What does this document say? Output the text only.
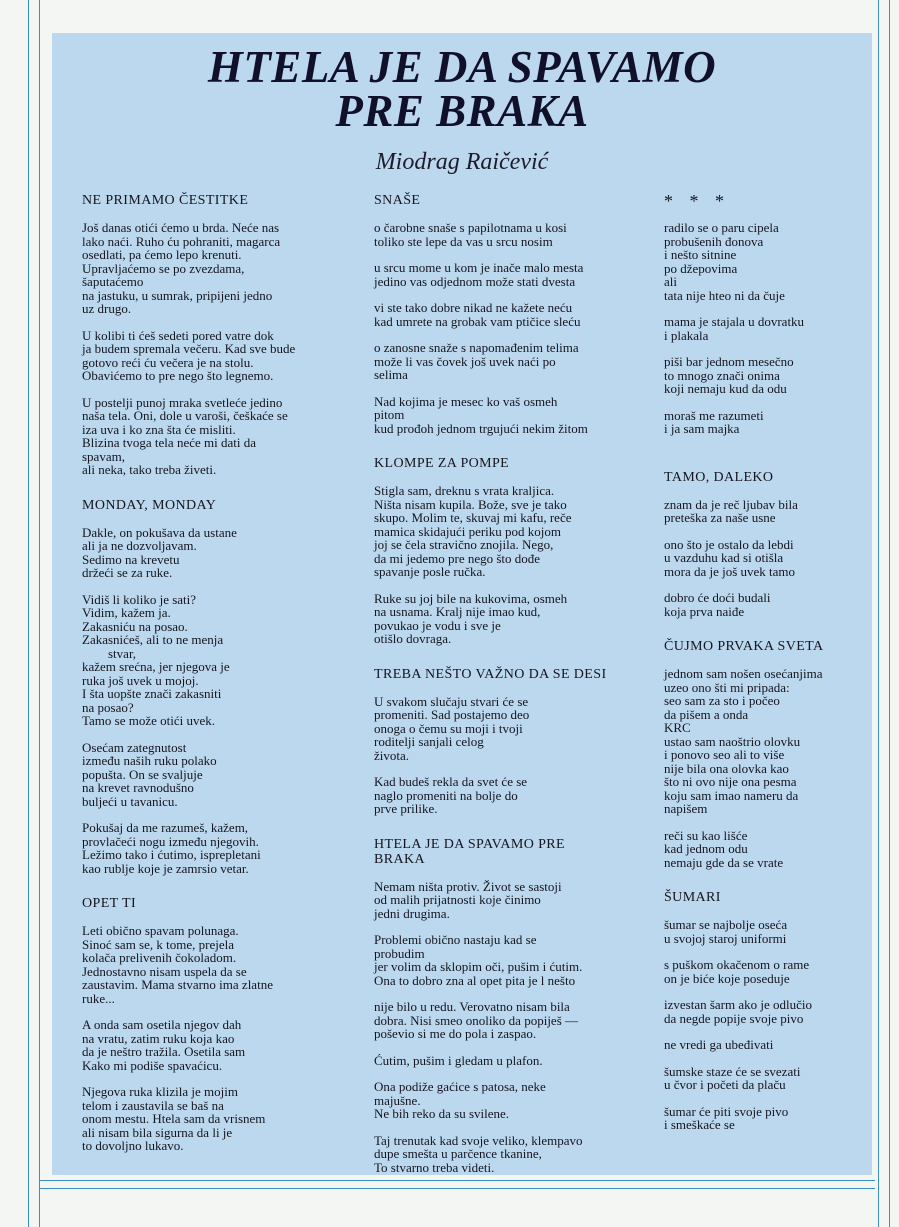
HTELA JE DA SPAVAMO
PRE BRAKA
Miodrag Raičević
NE PRIMAMO ČESTITKE

Još danas otići ćemo u brda. Neće nas
lako naći. Ruho ću pohraniti, magarca
osedlati, pa ćemo lepo krenuti.
Upravljaćemo se po zvezdama,
šaputaćemo
na jastuku, u sumrak, pripijeni jedno
uz drugo.

U kolibi ti ćeš sedeti pored vatre dok
ja budem spremala večeru. Kad sve bude
gotovo reći ću večera je na stolu.
Obavićemo to pre nego što legnemo.

U postelji punoj mraka svetleće jedino
naša tela. Oni, dole u varoši, češkaće se
iza uva i ko zna šta će misliti.
Blizina tvoga tela neće mi dati da
spavam,
ali neka, tako treba živeti.

MONDAY, MONDAY

Dakle, on pokušava da ustane
ali ja ne dozvoljavam.
Sedimo na krevetu
držeći se za ruke.

Vidiš li koliko je sati?
Vidim, kažem ja.
Zakasniću na posao.
Zakasnićeš, ali to ne menja
stvar,
kažem srećna, jer njegova je
ruka još uvek u mojoj.
I šta uopšte znači zakasniti
na posao?
Tamo se može otići uvek.

Osećam zategnutost
između naših ruku polako
popušta. On se svaljuje
na krevet ravnodušno
buljeći u tavanicu.

Pokušaj da me razumeš, kažem,
provlačeći nogu između njegovih.
Ležimo tako i ćutimo, isprepletani
kao rublje koje je zamrsio vetar.

OPET TI

Leti obično spavam polunaga.
Sinoć sam se, k tome, prejela
kolača prelivenih čokoladom.
Jednostavno nisam uspela da se
zaustavim. Mama stvarno ima zlatne
ruke...

A onda sam osetila njegov dah
na vratu, zatim ruku koja kao
da je neštro tražila. Osetila sam
Kako mi podiše spavaćicu.

Njegova ruka klizila je mojim
telom i zaustavila se baš na
onom mestu. Htela sam da vrisnem
ali nisam bila sigurna da li je
to dovoljno lukavo.

SNAŠE

o čarobne snaše s papilotnama u kosi
toliko ste lepe da vas u srcu nosim

u srcu mome u kom je inače malo mesta
jedino vas odjednom može stati dvesta

vi ste tako dobre nikad ne kažete neću
kad umrete na grobak vam ptičice sleću

o zanosne snaže s napomađenim telima
može li vas čovek još uvek naći po
selima

Nad kojima je mesec ko vaš osmeh
pitom
kud prođoh jednom trgujući nekim žitom

KLOMPE ZA POMPE

Stigla sam, dreknu s vrata kraljica.
Ništa nisam kupila. Bože, sve je tako
skupo. Molim te, skuvaj mi kafu, reče
mamica skidajući periku pod kojom
joj se čela stravično znojila. Nego,
da mi jedemo pre nego što dođe
spavanje posle ručka.

Ruke su joj bile na kukovima, osmeh
na usnama. Kralj nije imao kud,
povukao je vodu i sve je
otišlo dovraga.

TREBA NEŠTO VAŽNO DA SE DESI

U svakom slučaju stvari će se
promeniti. Sad postajemo deo
onoga o čemu su moji i tvoji
roditelji sanjali celog
života.

Kad budeš rekla da svet će se
naglo promeniti na bolje do
prve prilike.

HTELA JE DA SPAVAMO PRE
BRAKA

Nemam ništa protiv. Život se sastoji
od malih prijatnosti koje činimo
jedni drugima.

Problemi obično nastaju kad se
probudim
jer volim da sklopim oči, pušim i ćutim.
Ona to dobro zna al opet pita je l nešto

nije bilo u redu. Verovatno nisam bila
dobra. Nisi smeo onoliko da popiješ —
poševio si me do pola i zaspao.

Ćutim, pušim i gledam u plafon.

Ona podiže gaćice s patosa, neke
majušne.
Ne bih reko da su svilene.

Taj trenutak kad svoje veliko, klempavo
dupe smešta u parčence tkanine,
To stvarno treba videti.

* * *

radilo se o paru cipela
probušenih đonova
i nešto sitnine
po džepovima
ali
tata nije hteo ni da čuje

mama je stajala u dovratku
i plakala

piši bar jednom mesečno
to mnogo znači onima
koji nemaju kud da odu

moraš me razumeti
i ja sam majka

TAMO, DALEKO

znam da je reč ljubav bila
preteška za naše usne

ono što je ostalo da lebdi
u vazduhu kad si otišla
mora da je još uvek tamo

dobro će doći budali
koja prva naiđe

ČUJMO PRVAKA SVETA

jednom sam nošen osećanjima
uzeo ono šti mi pripada:
seo sam za sto i počeo
da pišem a onda
KRC
ustao sam naoštrio olovku
i ponovo seo ali to više
nije bila ona olovka kao
što ni ovo nije ona pesma
koju sam imao nameru da
napišem

reči su kao lišće
kad jednom odu
nemaju gde da se vrate

ŠUMARI

šumar se najbolje oseća
u svojoj staroj uniformi

s puškom okačenom o rame
on je biće koje poseduje

izvestan šarm ako je odlučio
da negde popije svoje pivo

ne vredi ga ubeđivati

šumske staze će se svezati
u čvor i početi da plaču

šumar će piti svoje pivo
i smeškaće se
